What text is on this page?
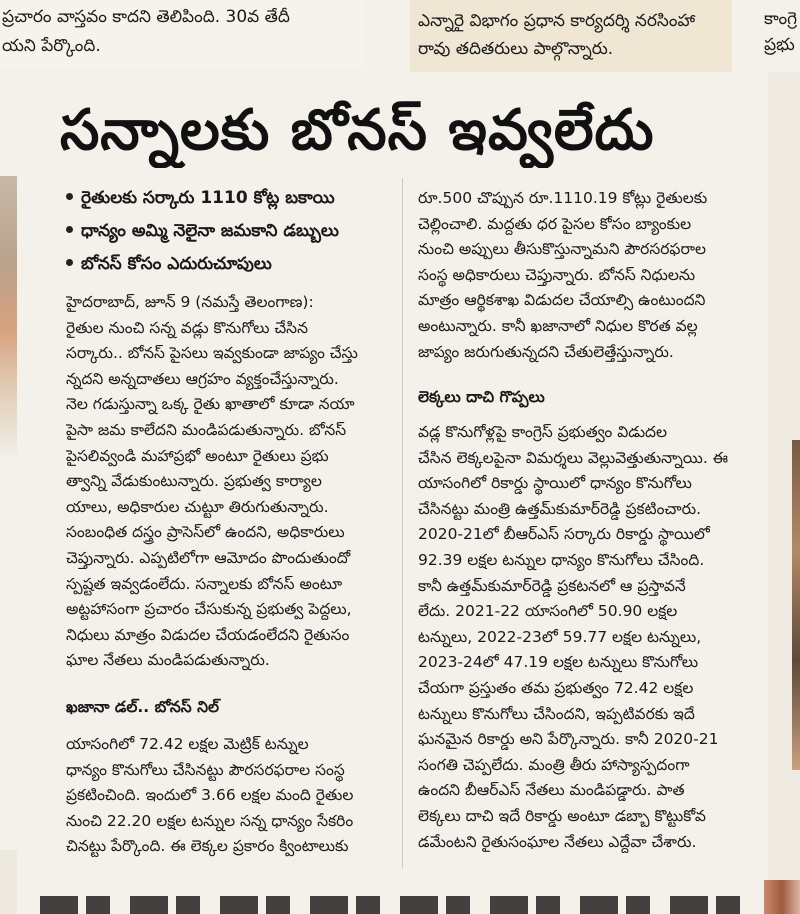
ప్రచారం వాస్తవం కాదని తెలిపింది. 30వ తేదీ
యని పేర్కొంది.
ఎన్నారై విభాగం ప్రధాన కార్యదర్శి నరసింహా
రావు తదితరులు పాల్గొన్నారు.
కాంగ్రె
ప్రభు
సన్నాలకు బోనస్ ఇవ్వలేదు
రైతులకు సర్కారు 1110 కోట్ల బకాయి
ధాన్యం అమ్మి నెలైనా జమకాని డబ్బులు
బోనస్ కోసం ఎదురుచూపులు
హైదరాబాద్, జూన్ 9 (నమస్తే తెలంగాణ):
రైతుల నుంచి సన్న వడ్లు కొనుగోలు చేసిన
సర్కారు.. బోనస్ పైసలు ఇవ్వకుండా జాప్యం చేస్తు
న్నదని అన్నదాతలు ఆగ్రహం వ్యక్తంచేస్తున్నారు.
నెల గడుస్తున్నా ఒక్క రైతు ఖాతాలో కూడా నయా
పైసా జమ కాలేదని మండిపడుతున్నారు. బోనస్
పైసలివ్వండి మహాప్రభో అంటూ రైతులు ప్రభు
త్వాన్ని వేడుకుంటున్నారు. ప్రభుత్వ కార్యాల
యాలు, అధికారుల చుట్టూ తిరుగుతున్నారు.
సంబంధిత దస్త్రం ప్రాసెస్‌లో ఉందని, అధికారులు
చెప్తున్నారు. ఎప్పటిలోగా ఆమోదం పొందుతుందో
స్పష్టత ఇవ్వడంలేదు. సన్నాలకు బోనస్ అంటూ
అట్టహాసంగా ప్రచారం చేసుకున్న ప్రభుత్వ పెద్దలు,
నిధులు మాత్రం విడుదల చేయడంలేదని రైతుసం
ఘాల నేతలు మండిపడుతున్నారు.
ఖజానా డల్.. బోనస్ నిల్
యాసంగిలో 72.42 లక్షల మెట్రిక్ టన్నుల
ధాన్యం కొనుగోలు చేసినట్టు పౌరసరఫరాల సంస్థ
ప్రకటించింది. ఇందులో 3.66 లక్షల మంది రైతుల
నుంచి 22.20 లక్షల టన్నుల సన్న ధాన్యం సేకరిం
చినట్టు పేర్కొంది. ఈ లెక్కల ప్రకారం క్వింటాలుకు
రూ.500 చొప్పున రూ.1110.19 కోట్లు రైతులకు
చెల్లించాలి. మద్దతు ధర పైసల కోసం బ్యాంకుల
నుంచి అప్పులు తీసుకొస్తున్నామని పౌరసరఫరాల
సంస్థ అధికారులు చెప్తున్నారు. బోనస్ నిధులను
మాత్రం ఆర్థికశాఖ విడుదల చేయాల్సి ఉంటుందని
అంటున్నారు. కానీ ఖజానాలో నిధుల కొరత వల్ల
జాప్యం జరుగుతున్నదని చేతులెత్తేస్తున్నారు.
లెక్కలు దాచి గొప్పలు
వడ్ల కొనుగోళ్లపై కాంగ్రెస్ ప్రభుత్వం విడుదల
చేసిన లెక్కలపైనా విమర్శలు వెల్లువెత్తుతున్నాయి. ఈ
యాసంగిలో రికార్డు స్థాయిలో ధాన్యం కొనుగోలు
చేసినట్టు మంత్రి ఉత్తమ్‌కుమార్‌రెడ్డి ప్రకటించారు.
2020-21లో బీఆర్‌ఎస్ సర్కారు రికార్డు స్థాయిలో
92.39 లక్షల టన్నుల ధాన్యం కొనుగోలు చేసింది.
కానీ ఉత్తమ్‌కుమార్‌రెడ్డి ప్రకటనలో ఆ ప్రస్తావనే
లేదు. 2021-22 యాసంగిలో 50.90 లక్షల
టన్నులు, 2022-23లో 59.77 లక్షల టన్నులు,
2023-24లో 47.19 లక్షల టన్నులు కొనుగోలు
చేయగా ప్రస్తుతం తమ ప్రభుత్వం 72.42 లక్షల
టన్నులు కొనుగోలు చేసిందని, ఇప్పటివరకు ఇదే
ఘనమైన రికార్డు అని పేర్కొన్నారు. కానీ 2020-21
సంగతి చెప్పలేదు. మంత్రి తీరు హాస్యాస్పదంగా
ఉందని బీఆర్‌ఎస్ నేతలు మండిపడ్డారు. పాత
లెక్కలు దాచి ఇదే రికార్డు అంటూ డబ్బా కొట్టుకోవ
డమేంటని రైతుసంఘాల నేతలు ఎద్దేవా చేశారు.
